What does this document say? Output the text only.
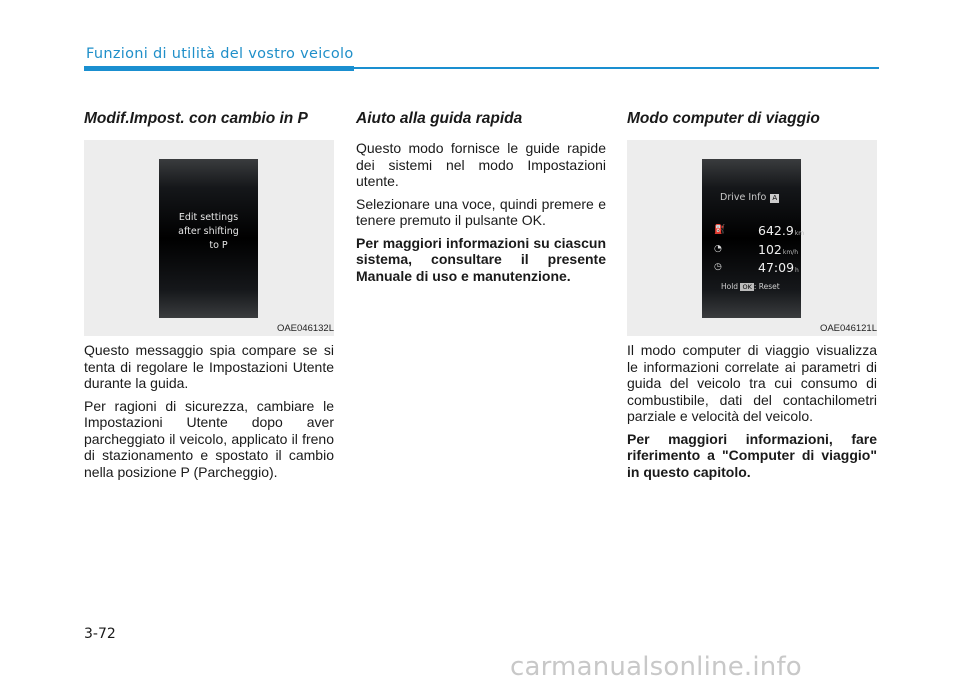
Funzioni di utilità del vostro veicolo
Modif.Impost. con cambio in P
Edit settings
after shifting
to P
OAE046132L

Questo messaggio spia compare se si tenta di regolare le Impostazioni Utente durante la guida.

Per ragioni di sicurezza, cambiare le Impostazioni Utente dopo aver parcheggiato il veicolo, applicato il freno di stazionamento e spostato il cambio nella posizione P (Parcheggio).

Aiuto alla guida rapida

Questo modo fornisce le guide rapide dei sistemi nel modo Impostazioni utente.

Selezionare una voce, quindi premere e tenere premuto il pulsante OK.

Per maggiori informazioni su ciascun sistema, consultare il presente Manuale di uso e manutenzione.

Modo computer di viaggio
Drive Info A
⛽	642.9km
◔	102km/h
◷	47:09h
Hold OK : Reset
OAE046121L

Il modo computer di viaggio visualizza le informazioni correlate ai parametri di guida del veicolo tra cui consumo di combustibile, dati del contachilometri parziale e velocità del veicolo.

Per maggiori informazioni, fare riferimento a "Computer di viaggio" in questo capitolo.

3-72
carmanualsonline.info
